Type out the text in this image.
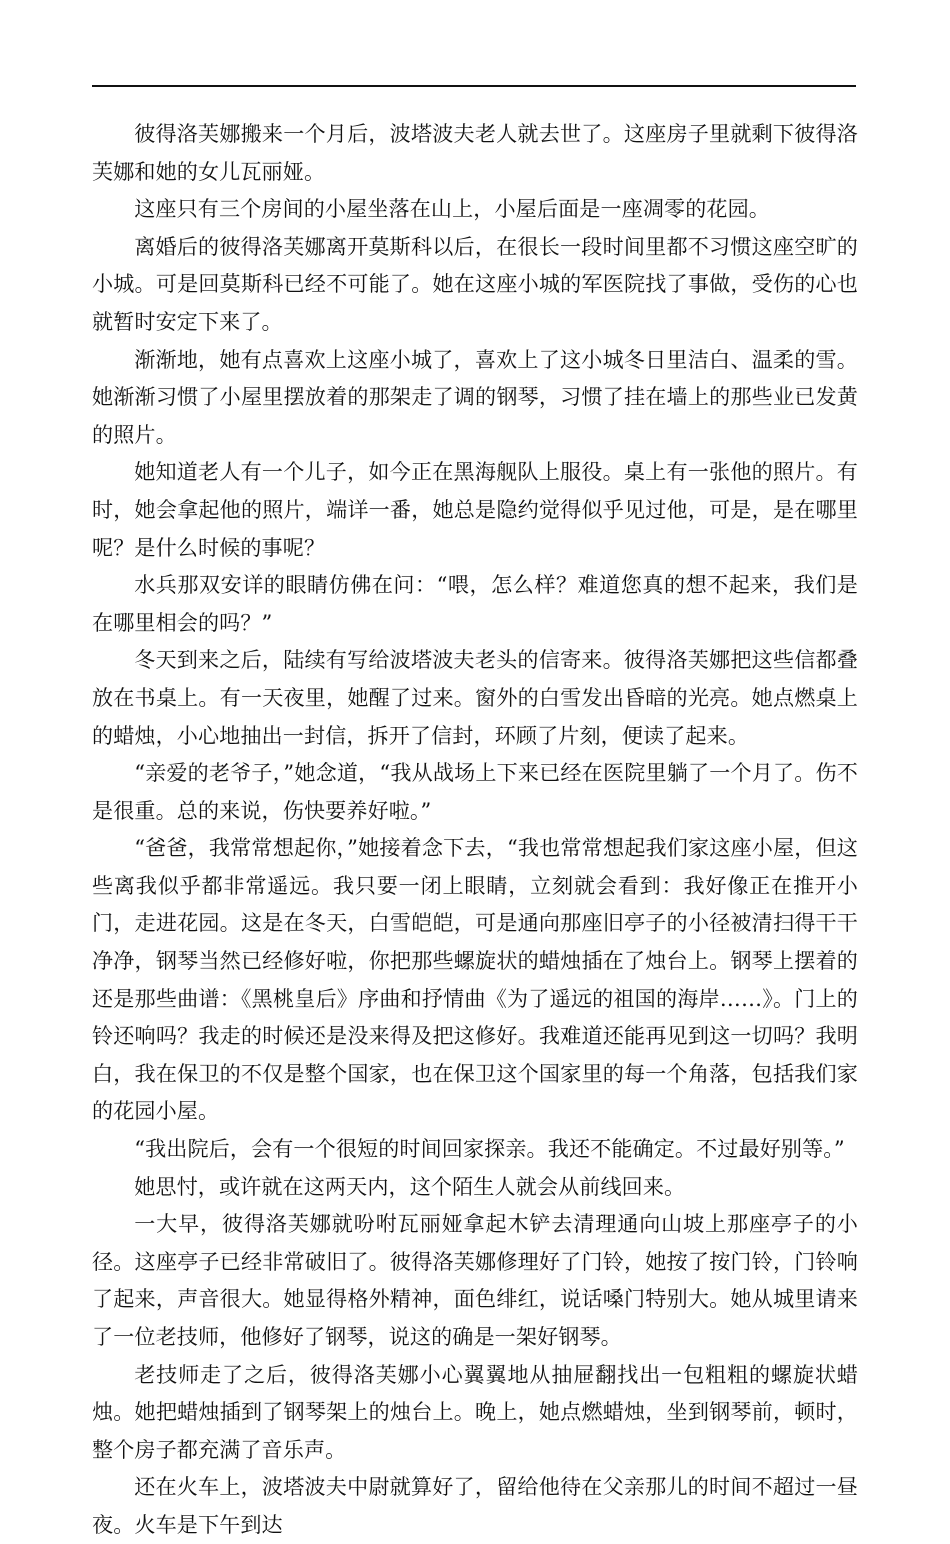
彼得洛芙娜搬来一个月后，波塔波夫老人就去世了。这座房子里就剩下彼得洛芙娜和她的女儿瓦丽娅。

这座只有三个房间的小屋坐落在山上，小屋后面是一座凋零的花园。

离婚后的彼得洛芙娜离开莫斯科以后，在很长一段时间里都不习惯这座空旷的小城。可是回莫斯科已经不可能了。她在这座小城的军医院找了事做，受伤的心也就暂时安定下来了。

渐渐地，她有点喜欢上这座小城了，喜欢上了这小城冬日里洁白、温柔的雪。她渐渐习惯了小屋里摆放着的那架走了调的钢琴，习惯了挂在墙上的那些业已发黄的照片。

她知道老人有一个儿子，如今正在黑海舰队上服役。桌上有一张他的照片。有时，她会拿起他的照片，端详一番，她总是隐约觉得似乎见过他，可是，是在哪里呢？是什么时候的事呢？

水兵那双安详的眼睛仿佛在问：“喂，怎么样？难道您真的想不起来，我们是在哪里相会的吗？”

冬天到来之后，陆续有写给波塔波夫老头的信寄来。彼得洛芙娜把这些信都叠放在书桌上。有一天夜里，她醒了过来。窗外的白雪发出昏暗的光亮。她点燃桌上的蜡烛，小心地抽出一封信，拆开了信封，环顾了片刻，便读了起来。

“亲爱的老爷子，”她念道，“我从战场上下来已经在医院里躺了一个月了。伤不是很重。总的来说，伤快要养好啦。”

“爸爸，我常常想起你，”她接着念下去，“我也常常想起我们家这座小屋，但这些离我似乎都非常遥远。我只要一闭上眼睛，立刻就会看到：我好像正在推开小门，走进花园。这是在冬天，白雪皑皑，可是通向那座旧亭子的小径被清扫得干干净净，钢琴当然已经修好啦，你把那些螺旋状的蜡烛插在了烛台上。钢琴上摆着的还是那些曲谱：《黑桃皇后》序曲和抒情曲《为了遥远的祖国的海岸……》。门上的铃还响吗？我走的时候还是没来得及把这修好。我难道还能再见到这一切吗？我明白，我在保卫的不仅是整个国家，也在保卫这个国家里的每一个角落，包括我们家的花园小屋。

“我出院后，会有一个很短的时间回家探亲。我还不能确定。不过最好别等。”

她思忖，或许就在这两天内，这个陌生人就会从前线回来。

一大早，彼得洛芙娜就吩咐瓦丽娅拿起木铲去清理通向山坡上那座亭子的小径。这座亭子已经非常破旧了。彼得洛芙娜修理好了门铃，她按了按门铃，门铃响了起来，声音很大。她显得格外精神，面色绯红，说话嗓门特别大。她从城里请来了一位老技师，他修好了钢琴，说这的确是一架好钢琴。

老技师走了之后，彼得洛芙娜小心翼翼地从抽屉翻找出一包粗粗的螺旋状蜡烛。她把蜡烛插到了钢琴架上的烛台上。晚上，她点燃蜡烛，坐到钢琴前，顿时，整个房子都充满了音乐声。

还在火车上，波塔波夫中尉就算好了，留给他待在父亲那儿的时间不超过一昼夜。火车是下午到达
